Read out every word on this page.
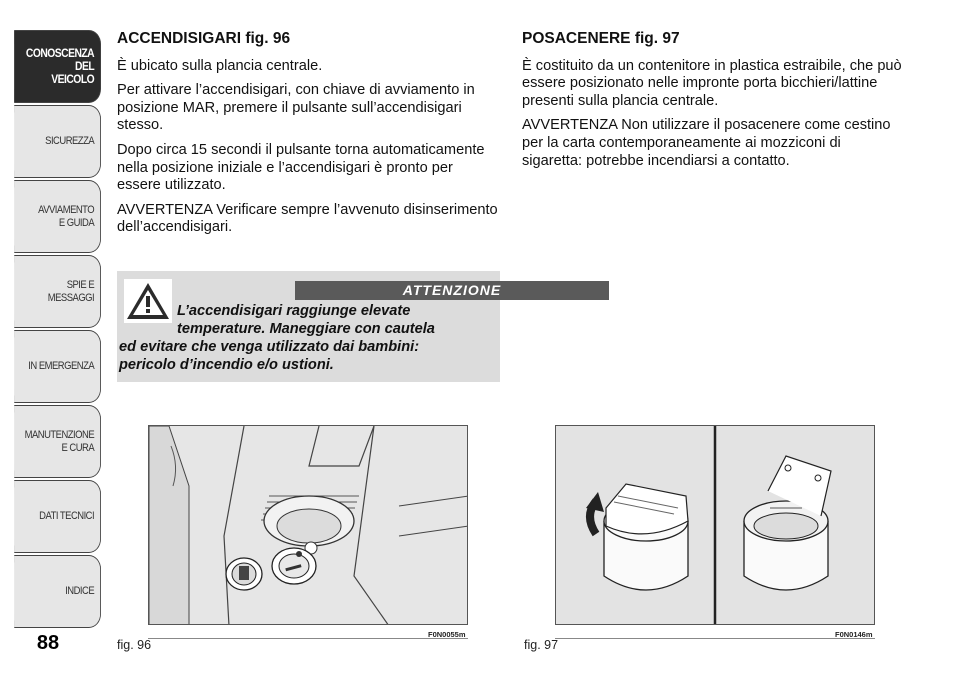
CONOSCENZA
DEL
VEICOLO
SICUREZZA
AVVIAMENTO
E GUIDA
SPIE E
MESSAGGI
IN EMERGENZA
MANUTENZIONE
E CURA
DATI TECNICI
INDICE
88
ACCENDISIGARI fig. 96
È ubicato sulla plancia centrale.
Per attivare l’accendisigari, con chiave di avviamento in posizione MAR, premere il pulsante sull’accendisigari stesso.
Dopo circa 15 secondi il pulsante torna automaticamente nella posizione iniziale e l’accendisigari è pronto per essere utilizzato.
AVVERTENZA Verificare sempre l’avvenuto disinserimento dell’accendisigari.
ATTENZIONE
L’accendisigari raggiunge elevate
temperature. Maneggiare con cautela
ed evitare che venga utilizzato dai bambini:
pericolo d’incendio e/o ustioni.
POSACENERE fig. 97
È costituito da un contenitore in plastica estraibile, che può essere posizionato nelle impronte porta bicchieri/lattine presenti sulla plancia centrale.
AVVERTENZA Non utilizzare il posacenere come cestino per la carta contemporaneamente ai mozziconi di sigaretta: potrebbe incendiarsi a contatto.
fig. 96
F0N0055m
fig. 97
F0N0146m
